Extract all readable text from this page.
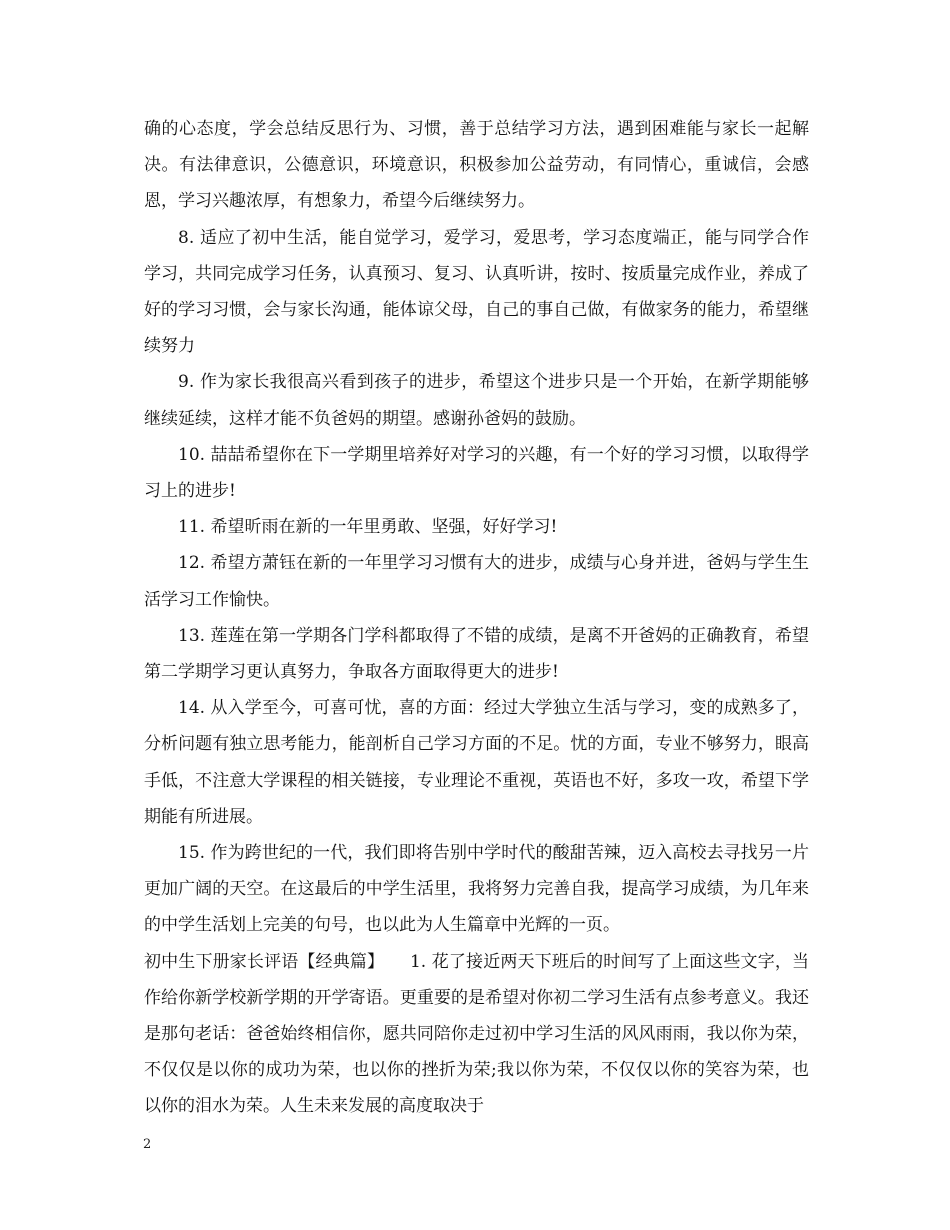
确的心态度，学会总结反思行为、习惯，善于总结学习方法，遇到困难能与家长一起解决。有法律意识，公德意识，环境意识，积极参加公益劳动，有同情心，重诚信，会感恩，学习兴趣浓厚，有想象力，希望今后继续努力。

8. 适应了初中生活，能自觉学习，爱学习，爱思考，学习态度端正，能与同学合作学习，共同完成学习任务，认真预习、复习、认真听讲，按时、按质量完成作业，养成了好的学习习惯，会与家长沟通，能体谅父母，自己的事自己做，有做家务的能力，希望继续努力

9. 作为家长我很高兴看到孩子的进步，希望这个进步只是一个开始，在新学期能够继续延续，这样才能不负爸妈的期望。感谢孙爸妈的鼓励。

10. 喆喆希望你在下一学期里培养好对学习的兴趣，有一个好的学习习惯，以取得学习上的进步!

11. 希望昕雨在新的一年里勇敢、坚强，好好学习!

12. 希望方萧钰在新的一年里学习习惯有大的进步，成绩与心身并进，爸妈与学生生活学习工作愉快。

13. 莲莲在第一学期各门学科都取得了不错的成绩，是离不开爸妈的正确教育，希望第二学期学习更认真努力，争取各方面取得更大的进步!

14. 从入学至今，可喜可忧，喜的方面：经过大学独立生活与学习，变的成熟多了，分析问题有独立思考能力，能剖析自己学习方面的不足。忧的方面，专业不够努力，眼高手低，不注意大学课程的相关链接，专业理论不重视，英语也不好，多攻一攻，希望下学期能有所进展。

15. 作为跨世纪的一代，我们即将告别中学时代的酸甜苦辣，迈入高校去寻找另一片更加广阔的天空。在这最后的中学生活里，我将努力完善自我，提高学习成绩，为几年来的中学生活划上完美的句号，也以此为人生篇章中光辉的一页。

初中生下册家长评语【经典篇】　　1. 花了接近两天下班后的时间写了上面这些文字，当作给你新学校新学期的开学寄语。更重要的是希望对你初二学习生活有点参考意义。我还是那句老话：爸爸始终相信你，愿共同陪你走过初中学习生活的风风雨雨，我以你为荣，不仅仅是以你的成功为荣，也以你的挫折为荣;我以你为荣，不仅仅以你的笑容为荣，也以你的泪水为荣。人生未来发展的高度取决于

2
